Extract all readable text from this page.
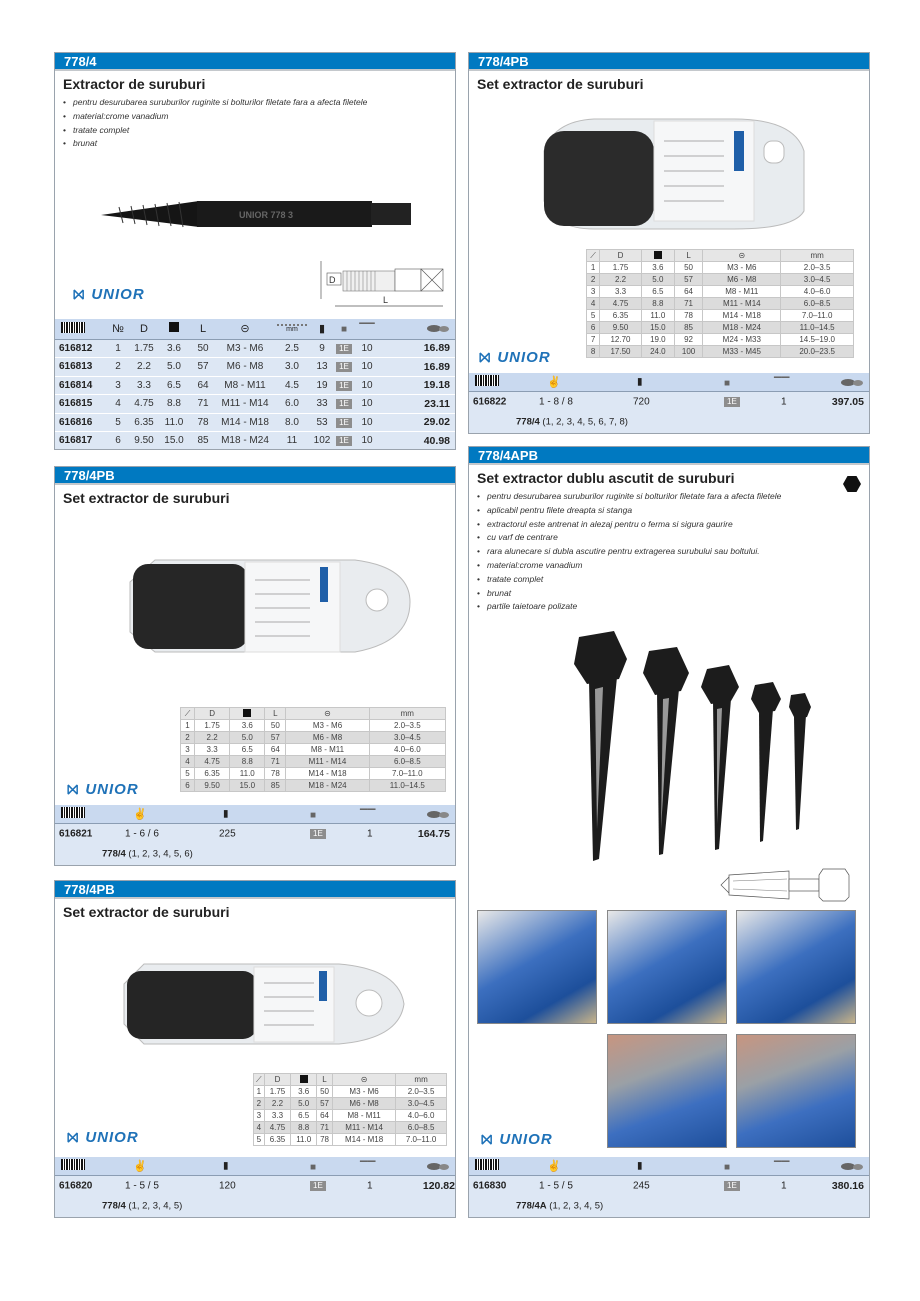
778/4
Extractor de suruburi
• pentru desurubarea suruburilor ruginite si bolturilor filetate fara a afecta filetele
• material:crome vanadium
• tratate complet
• brunat
UNIOR 778 3
D
L
⨝ UNIOR
	№	D		L	⊝	mm	▮	■	▔▔	
616812	1	1.75	3.6	50	M3 - M6	2.5	9	1E	10	16.89
616813	2	2.2	5.0	57	M6 - M8	3.0	13	1E	10	16.89
616814	3	3.3	6.5	64	M8 - M11	4.5	19	1E	10	19.18
616815	4	4.75	8.8	71	M11 - M14	6.0	33	1E	10	23.11
616816	5	6.35	11.0	78	M14 - M18	8.0	53	1E	10	29.02
616817	6	9.50	15.0	85	M18 - M24	11	102	1E	10	40.98
778/4PB
Set extractor de suruburi
⟋	D		L	⊝	mm
1	1.75	3.6	50	M3 - M6	2.0–3.5
2	2.2	5.0	57	M6 - M8	3.0–4.5
3	3.3	6.5	64	M8 - M11	4.0–6.0
4	4.75	8.8	71	M11 - M14	6.0–8.5
5	6.35	11.0	78	M14 - M18	7.0–11.0
6	9.50	15.0	85	M18 - M24	11.0–14.5
7	12.70	19.0	92	M24 - M33	14.5–19.0
8	17.50	24.0	100	M33 - M45	20.0–23.5
⨝ UNIOR
✌	▮	■	▔▔
616822	1 - 8 / 8	720	1E	1	397.05
778/4 (1, 2, 3, 4, 5, 6, 7, 8)
778/4PB
Set extractor de suruburi
⟋	D		L	⊝	mm
1	1.75	3.6	50	M3 - M6	2.0–3.5
2	2.2	5.0	57	M6 - M8	3.0–4.5
3	3.3	6.5	64	M8 - M11	4.0–6.0
4	4.75	8.8	71	M11 - M14	6.0–8.5
5	6.35	11.0	78	M14 - M18	7.0–11.0
6	9.50	15.0	85	M18 - M24	11.0–14.5
⨝ UNIOR
✌	▮	■	▔▔
616821	1 - 6 / 6	225	1E	1	164.75
778/4 (1, 2, 3, 4, 5, 6)
778/4PB
Set extractor de suruburi
⟋	D		L	⊝	mm
1	1.75	3.6	50	M3 - M6	2.0–3.5
2	2.2	5.0	57	M6 - M8	3.0–4.5
3	3.3	6.5	64	M8 - M11	4.0–6.0
4	4.75	8.8	71	M11 - M14	6.0–8.5
5	6.35	11.0	78	M14 - M18	7.0–11.0
⨝ UNIOR
✌	▮	■	▔▔
616820	1 - 5 / 5	120	1E	1	120.82
778/4 (1, 2, 3, 4, 5)
778/4APB
Set extractor dublu ascutit de suruburi
• pentru desurubarea suruburilor ruginite si bolturilor filetate fara a afecta filetele
• aplicabil pentru filete dreapta si stanga
• extractorul este antrenat in alezaj pentru o ferma si sigura gaurire
• cu varf de centrare
• rara alunecare si dubla ascutire pentru extragerea surubului sau boltului.
• material:crome vanadium
• tratate complet
• brunat
• partile taietoare polizate
⨝ UNIOR
✌	▮	■	▔▔
616830	1 - 5 / 5	245	1E	1	380.16
778/4A (1, 2, 3, 4, 5)
